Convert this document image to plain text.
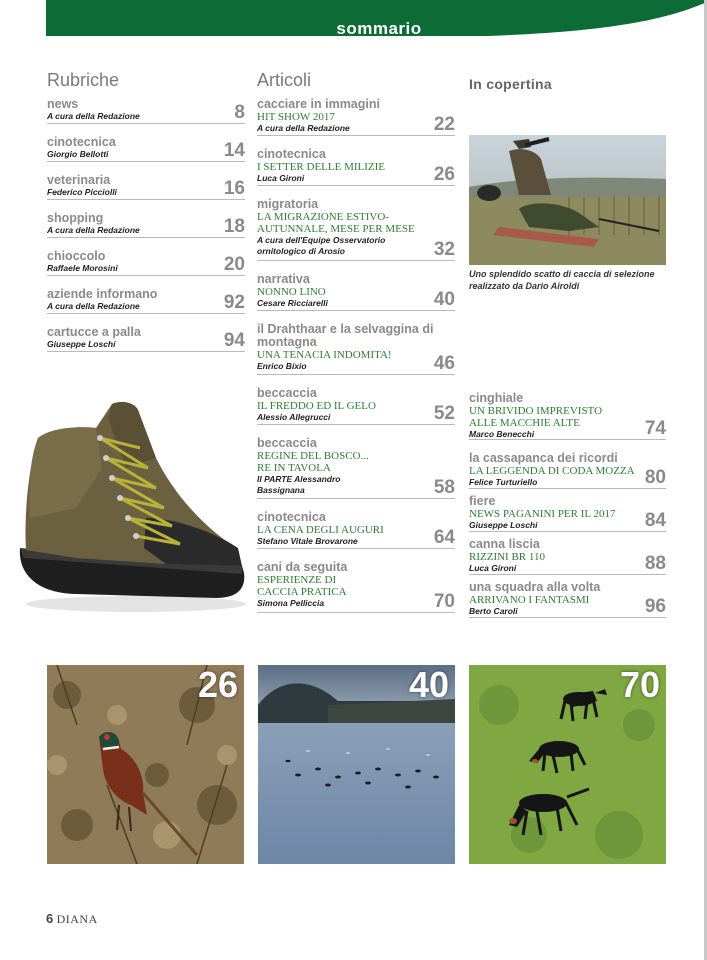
sommario
Rubriche	Articoli	In copertina
news
A cura della Redazione	8
cinotecnica
Giorgio Bellotti	14
veterinaria
Federico Picciolli	16
shopping
A cura della Redazione	18
chioccolo
Raffaele Morosini	20
aziende informano
A cura della Redazione	92
cartucce a palla
Giuseppe Loschi	94
cacciare in immagini
HIT SHOW 2017
A cura della Redazione	22
cinotecnica
I SETTER DELLE MILIZIE
Luca Gironi	26
migratoria
LA MIGRAZIONE ESTIVO-AUTUNNALE, MESE PER MESE
A cura dell'Equipe Osservatorio ornitologico di Arosio	32
narrativa
NONNO LINO
Cesare Ricciarelli	40
il Drahthaar e la selvaggina di montagna
UNA TENACIA INDOMITA!
Enrico Bixio	46
beccaccia
IL FREDDO ED IL GELO
Alessio Allegrucci	52
beccaccia
REGINE DEL BOSCO... RE IN TAVOLA
II PARTE Alessandro Bassignana	58
cinotecnica
LA CENA DEGLI AUGURI
Stefano Vitale Brovarone	64
cani da seguita
ESPERIENZE DI CACCIA PRATICA
Simona Pelliccia	70
Uno splendido scatto di caccia di selezione realizzato da Dario Airoldi
cinghiale
UN BRIVIDO IMPREVISTO ALLE MACCHIE ALTE
Marco Benecchi	74
la cassapanca dei ricordi
LA LEGGENDA DI CODA MOZZA
Felice Turturiello	80
fiere
NEWS PAGANINI PER IL 2017
Giuseppe Loschi	84
canna liscia
RIZZINI BR 110
Luca Gironi	88
una squadra alla volta
ARRIVANO I FANTASMI
Berto Caroli	96
26	40	70
6 DIANA
